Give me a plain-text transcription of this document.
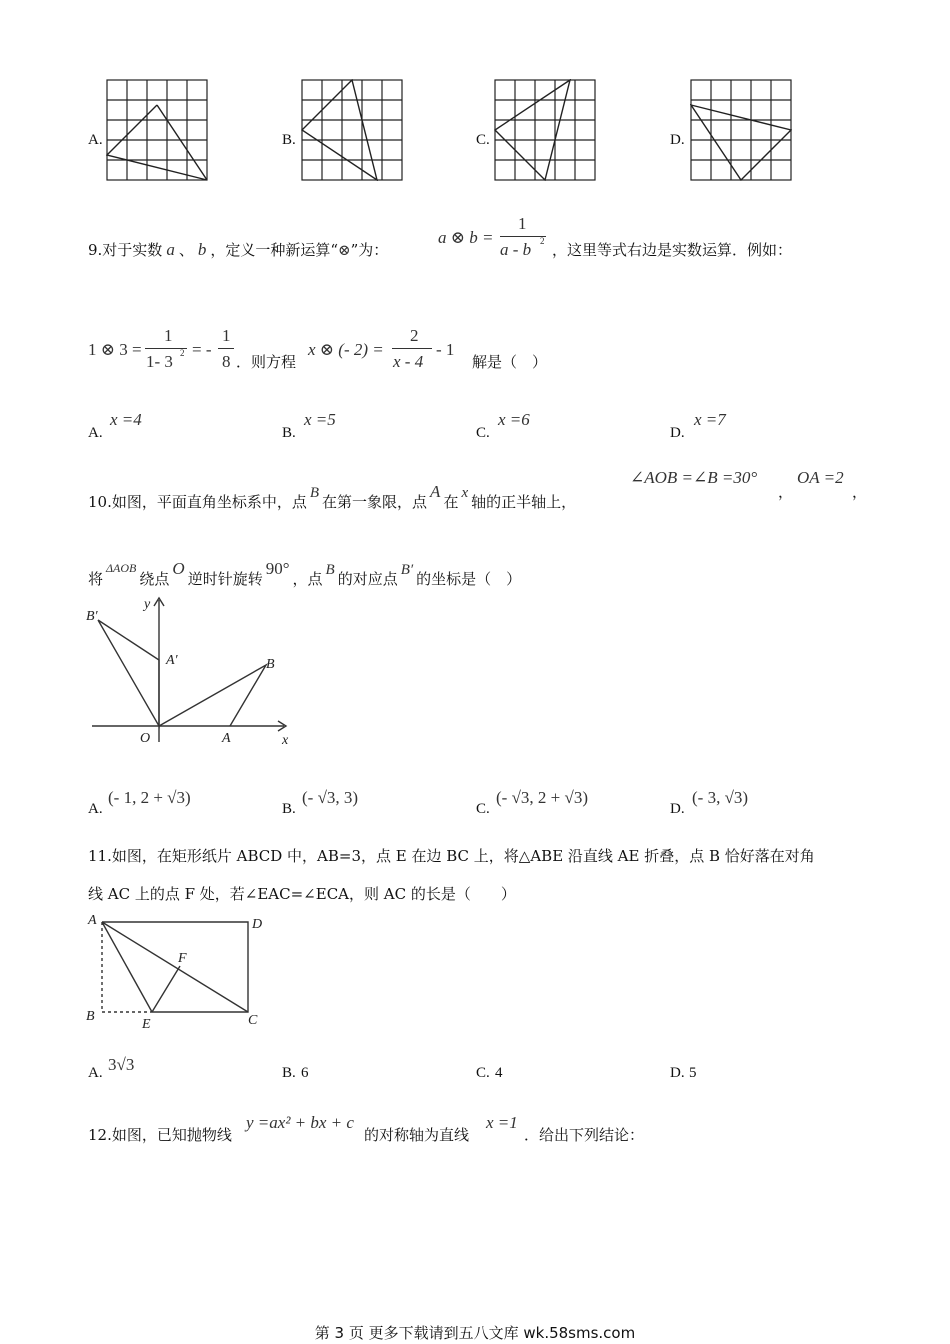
A.	B.	C.	D.
9.对于实数 a 、 b ，定义一种新运算“⊗”为：
a ⊗ b =
1
a - b 2 ，这里等式右边是实数运算．例如：
1 ⊗ 3 =
1
1- 3 2 = -
1
8 ．则方程
x ⊗ (- 2) =
2
x - 4
- 1
解是（　）
A.
x =4
B.
x =5
C.
x =6
D.
x =7
10.如图，平面直角坐标系中，点 B 在第一象限，点A在 x 轴的正半轴上，
∠AOB =∠B =30°
，
OA =2
，
将$^{\Delta AOB}$绕点O逆时针旋转90°，点 B 的对应点 B′ 的坐标是（　）
B′
y
A′	B
O	A	x
A.
(- 1, 2 + √3)
B.
(- √3, 3)
C.
(- √3, 2 + √3)
D.
(- 3, √3)
11.如图，在矩形纸片 ABCD 中，AB=3，点 E 在边 BC 上，将△ABE 沿直线 AE 折叠，点 B 恰好落在对角
线 AC 上的点 F 处，若∠EAC=∠ECA，则 AC 的长是（　　）
A	D
F
B
E	C
A. 3√3	B. 6	C. 4	D. 5
12.如图，已知抛物线
y =ax² + bx + c
的对称轴为直线
x =1
．给出下列结论：
第 3 页 更多下载请到五八文库 wk.58sms.com
